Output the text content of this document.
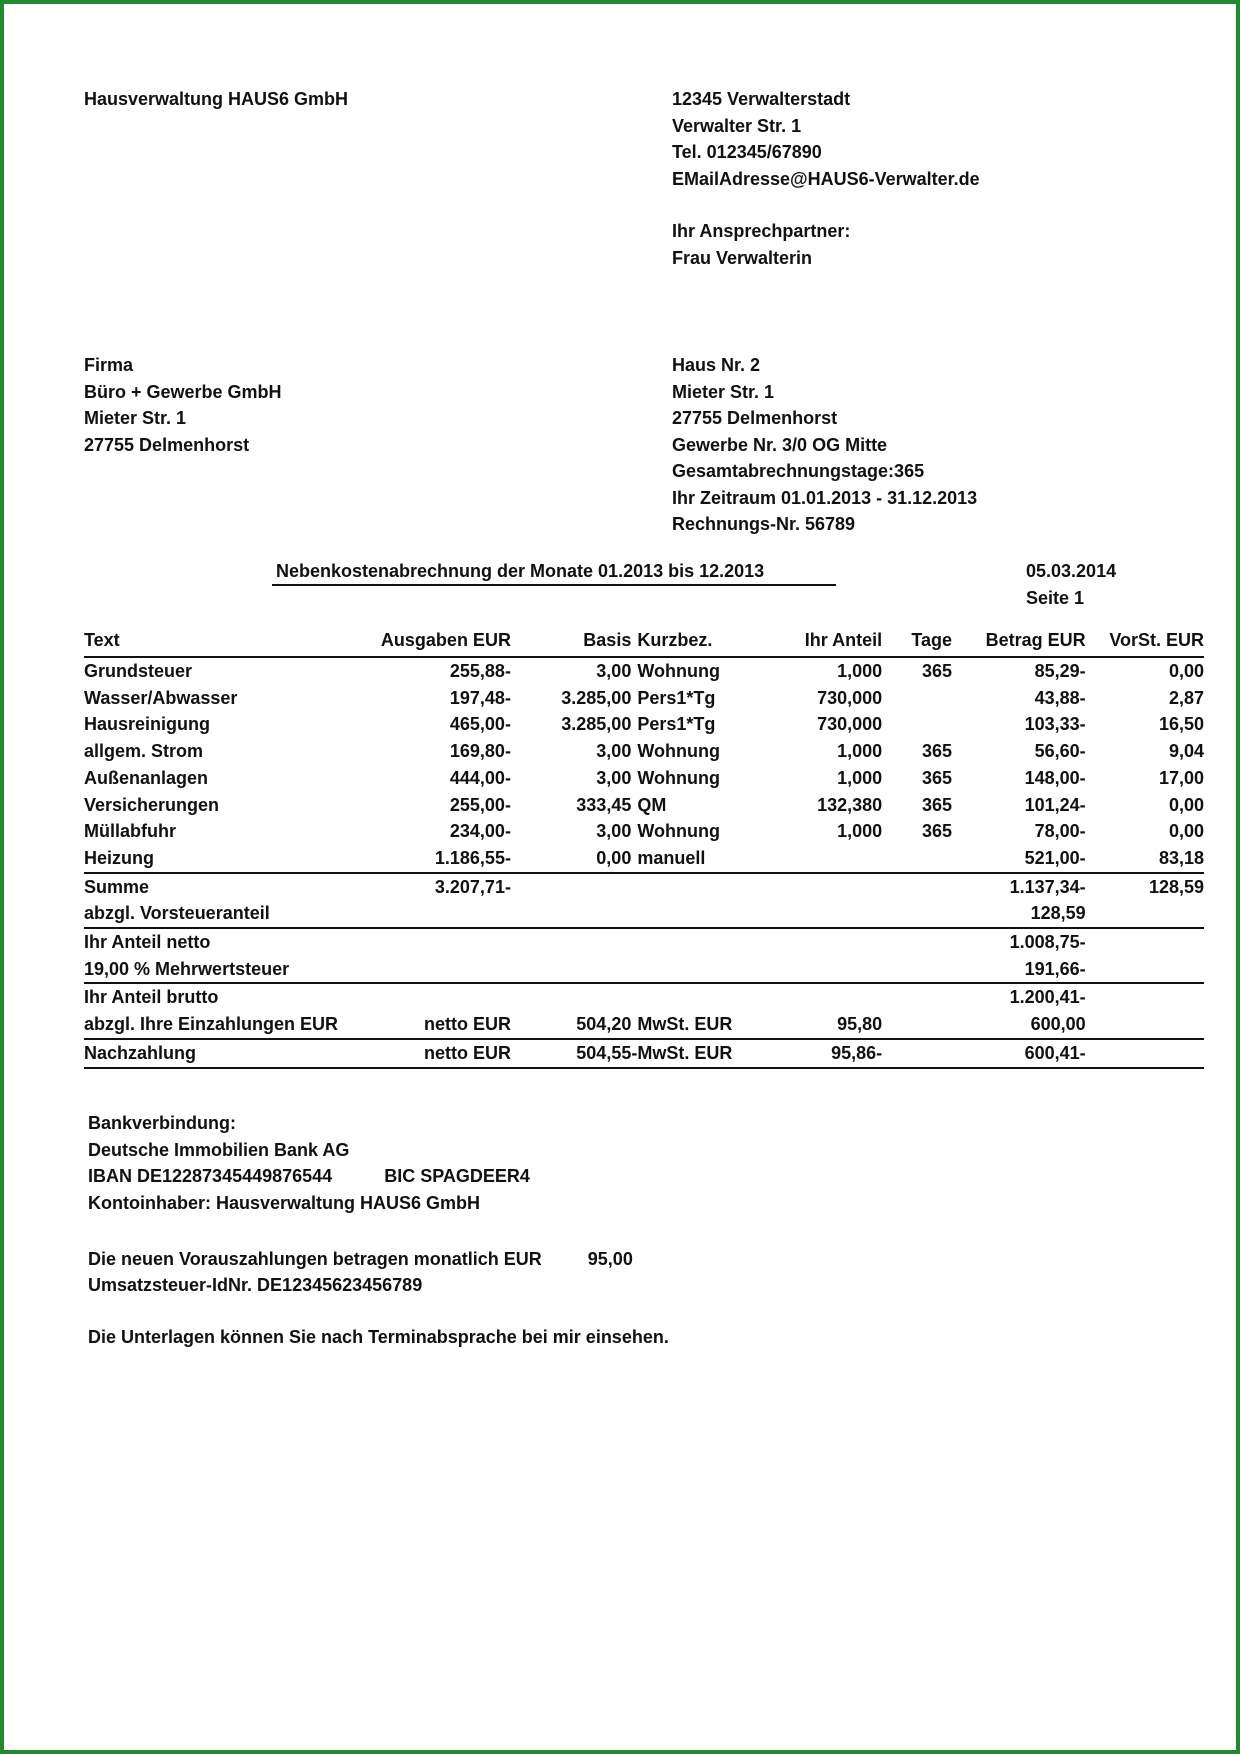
Hausverwaltung HAUS6 GmbH	12345 Verwalterstadt
Verwalter Str. 1
Tel. 012345/67890
EMailAdresse@HAUS6-Verwalter.de
Ihr Ansprechpartner:
Frau Verwalterin
Firma
Büro + Gewerbe GmbH
Mieter Str. 1
27755 Delmenhorst
Haus Nr. 2
Mieter Str. 1
27755 Delmenhorst
Gewerbe Nr. 3/0 OG Mitte
Gesamtabrechnungstage:365
Ihr Zeitraum 01.01.2013 - 31.12.2013
Rechnungs-Nr. 56789
Nebenkostenabrechnung der Monate 01.2013 bis 12.2013	05.03.2014
Seite 1
Text	Ausgaben EUR	Basis	Kurzbez.	Ihr Anteil	Tage	Betrag EUR	VorSt. EUR
Grundsteuer	255,88-	3,00	Wohnung	1,000	365	85,29-	0,00
Wasser/Abwasser	197,48-	3.285,00	Pers1*Tg	730,000		43,88-	2,87
Hausreinigung	465,00-	3.285,00	Pers1*Tg	730,000		103,33-	16,50
allgem. Strom	169,80-	3,00	Wohnung	1,000	365	56,60-	9,04
Außenanlagen	444,00-	3,00	Wohnung	1,000	365	148,00-	17,00
Versicherungen	255,00-	333,45	QM	132,380	365	101,24-	0,00
Müllabfuhr	234,00-	3,00	Wohnung	1,000	365	78,00-	0,00
Heizung	1.186,55-	0,00	manuell			521,00-	83,18
Summe	3.207,71-					1.137,34-	128,59
abzgl. Vorsteueranteil						128,59	
Ihr Anteil netto						1.008,75-	
19,00 % Mehrwertsteuer						191,66-	
Ihr Anteil brutto						1.200,41-	
abzgl. Ihre Einzahlungen EUR	netto EUR	504,20	MwSt. EUR	95,80		600,00	
Nachzahlung	netto EUR	504,55-	MwSt. EUR	95,86-		600,41-	
Bankverbindung:
Deutsche Immobilien Bank AG
IBAN DE12287345449876544	BIC SPAGDEER4
Kontoinhaber: Hausverwaltung HAUS6 GmbH
Die neuen Vorauszahlungen betragen monatlich EUR	95,00
Umsatzsteuer-IdNr. DE12345623456789
Die Unterlagen können Sie nach Terminabsprache bei mir einsehen.
